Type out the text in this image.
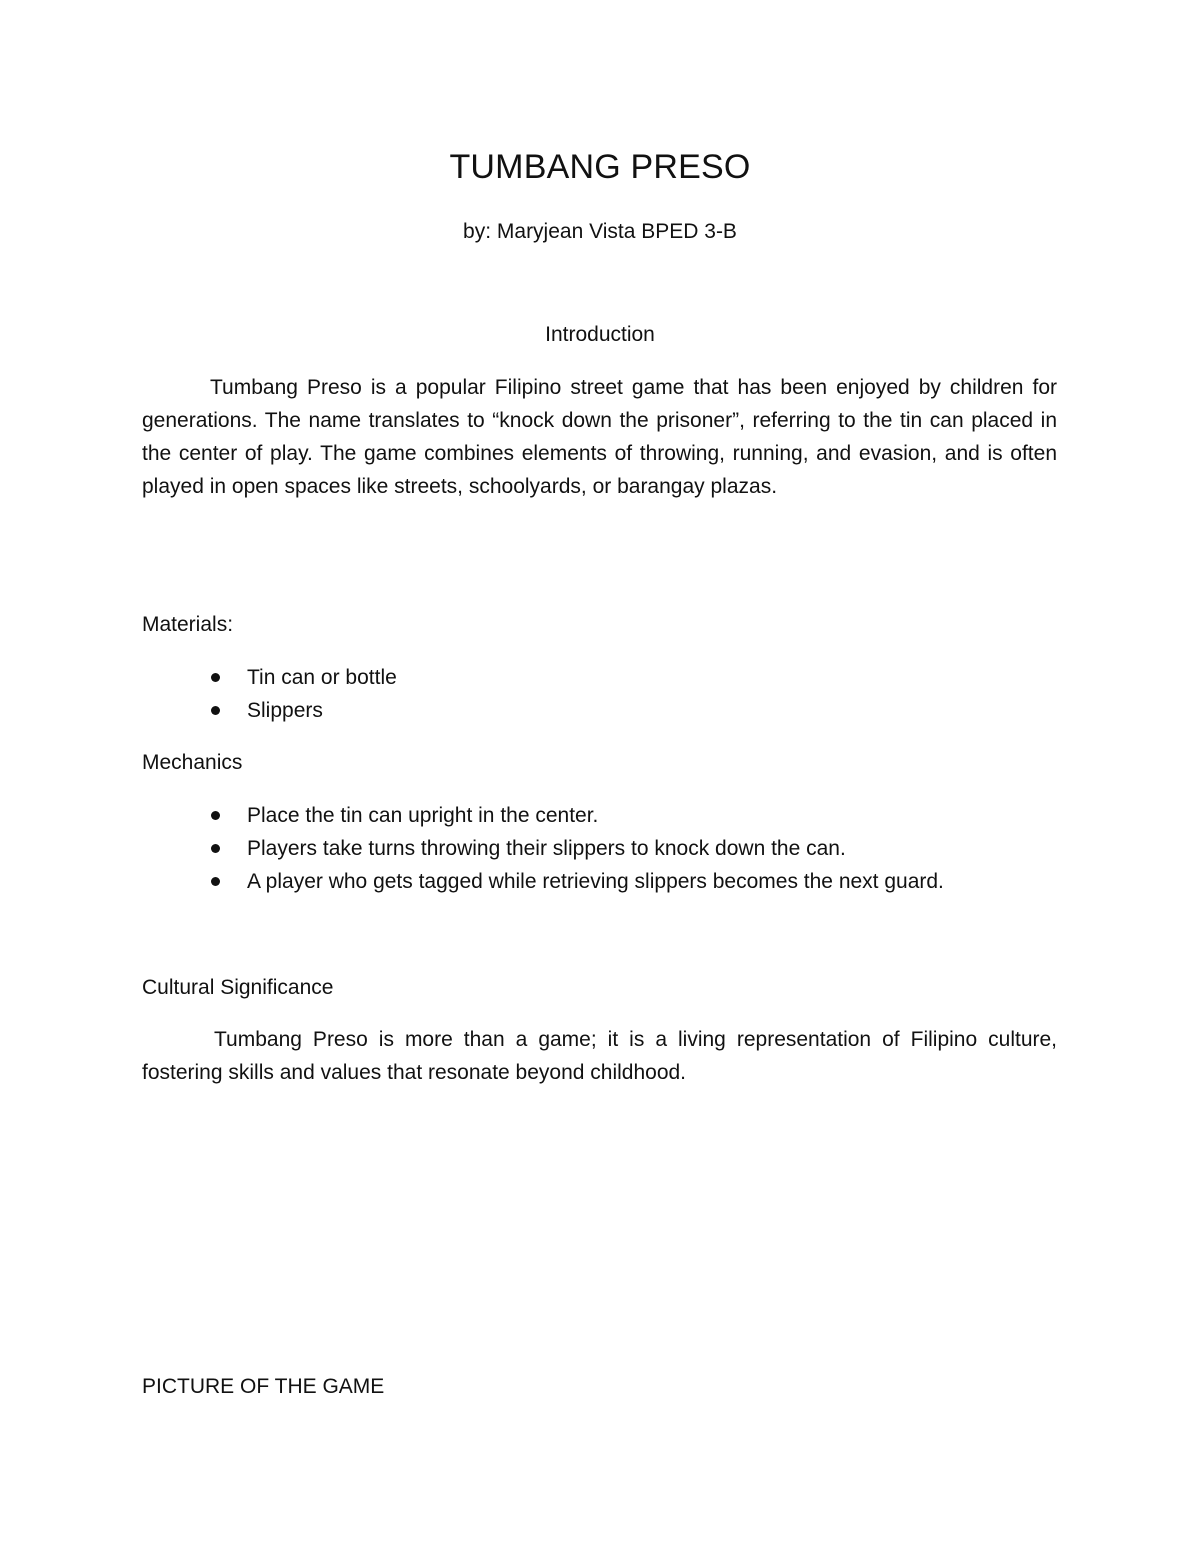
TUMBANG PRESO
by: Maryjean Vista BPED 3-B
Introduction

Tumbang Preso is a popular Filipino street game that has been enjoyed by children for generations. The name translates to “knock down the prisoner”, referring to the tin can placed in the center of play. The game combines elements of throwing, running, and evasion, and is often played in open spaces like streets, schoolyards, or barangay plazas.

Materials:
Tin can or bottle
Slippers
Mechanics
Place the tin can upright in the center.
Players take turns throwing their slippers to knock down the can.
A player who gets tagged while retrieving slippers becomes the next guard.
Cultural Significance

Tumbang Preso is more than a game; it is a living representation of Filipino culture, fostering skills and values that resonate beyond childhood.

PICTURE OF THE GAME
